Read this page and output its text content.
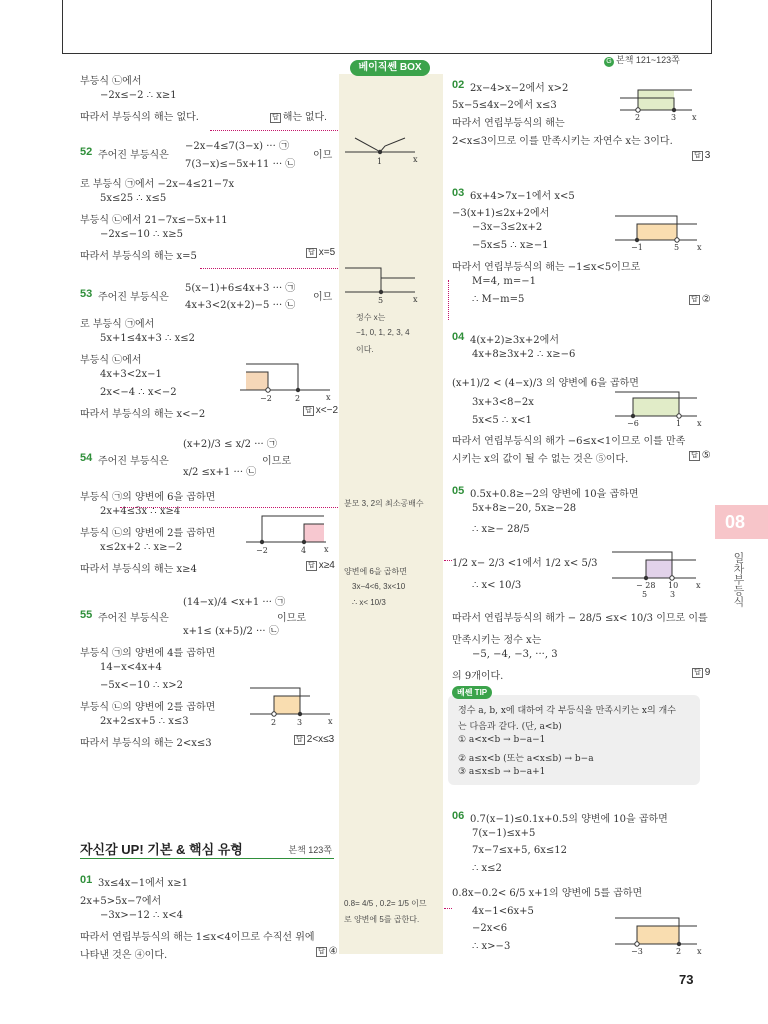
G 본책 121~123쪽
베이직쎈 BOX
부등식 ㉡에서
−2x≤−2 ∴ x≥1
따라서 부등식의 해는 없다.
52 주어진 부등식은
−2x−4≤7(3−x) ··· ㉠
7(3−x)≤−5x+11 ··· ㉡
이므
로 부등식 ㉠에서 −2x−4≤21−7x
5x≤25 ∴ x≤5
부등식 ㉡에서 21−7x≤−5x+11
−2x≤−10 ∴ x≥5
따라서 부등식의 해는 x=5
53 주어진 부등식은
5(x−1)+6≤4x+3 ··· ㉠
4x+3<2(x+2)−5 ··· ㉡
이므
로 부등식 ㉠에서
5x+1≤4x+3 ∴ x≤2
부등식 ㉡에서
4x+3<2x−1
2x<−4 ∴ x<−2
따라서 부등식의 해는 x<−2
54 주어진 부등식은
(x+2)/3 ≤ x/2 ··· ㉠
x/2 ≤x+1 ··· ㉡
이므로
부등식 ㉠의 양변에 6을 곱하면
2x+4≤3x ∴ x≥4
부등식 ㉡의 양변에 2를 곱하면
x≤2x+2 ∴ x≥−2
따라서 부등식의 해는 x≥4
55 주어진 부등식은
(14−x)/4 <x+1 ··· ㉠
x+1≤ (x+5)/2 ··· ㉡
이므로
부등식 ㉠의 양변에 4를 곱하면
14−x<4x+4
−5x<−10 ∴ x>2
부등식 ㉡의 양변에 2를 곱하면
2x+2≤x+5 ∴ x≤3
따라서 부등식의 해는 2<x≤3
01 3x≤4x−1에서 x≥1
2x+5>5x−7에서
−3x>−12 ∴ x<4
따라서 연립부등식의 해는 1≤x<4이므로 수직선 위에
나타낸 것은 ④이다.
답 해는 없다.
답 x=5
답 x<−2
답 x≥4
답 2<x≤3
답 ④
정수 x는
−1, 0, 1, 2, 3, 4
이다.
분모 3, 2의 최소공배수
양변에 6을 곱하면
3x−4<6, 3x<10
∴ x< 10/3
0.8= 4/5 , 0.2= 1/5 이므
로 양변에 5를 곱한다.
02 2x−4>x−2에서 x>2
5x−5≤4x−2에서 x≤3
따라서 연립부등식의 해는
2<x≤3이므로 이를 만족시키는 자연수 x는 3이다.
03 6x+4>7x−1에서 x<5
−3(x+1)≤2x+2에서
−3x−3≤2x+2
−5x≤5 ∴ x≥−1
따라서 연립부등식의 해는 −1≤x<5이므로
M=4, m=−1
∴ M−m=5
04 4(x+2)≥3x+2에서
4x+8≥3x+2 ∴ x≥−6
(x+1)/2 < (4−x)/3 의 양변에 6을 곱하면
3x+3<8−2x
5x<5 ∴ x<1
따라서 연립부등식의 해가 −6≤x<1이므로 이를 만족
시키는 x의 값이 될 수 없는 것은 ⑤이다.
05 0.5x+0.8≥−2의 양변에 10을 곱하면
5x+8≥−20, 5x≥−28
∴ x≥− 28/5
1/2 x− 2/3 <1에서 1/2 x< 5/3
∴ x< 10/3
따라서 연립부등식의 해가 − 28/5 ≤x< 10/3 이므로 이를
만족시키는 정수 x는
−5, −4, −3, ···, 3
의 9개이다.
06 0.7(x−1)≤0.1x+0.5의 양변에 10을 곱하면
7(x−1)≤x+5
7x−7≤x+5, 6x≤12
∴ x≤2
0.8x−0.2< 6/5 x+1의 양변에 5를 곱하면
4x−1<6x+5
−2x<6
∴ x>−3
답 3
답 ②
답 ⑤
답 9
자신감 UP! 기본 & 핵심 유형	본책 123쪽
베쎈 TIP
정수 a, b, x에 대하여 각 부등식을 만족시키는 x의 개수
는 다음과 같다. (단, a<b)
① a<x<b → b−a−1
② a≤x<b (또는 a<x≤b) → b−a
③ a≤x≤b → b−a+1
08
일차부등식
73
1	x
5	x
−2	2	x
−2	4 x
2	3	x
2	3 x
−1	5 x
−6	1 x
− 28
5
10
3
x
−3	2 x
